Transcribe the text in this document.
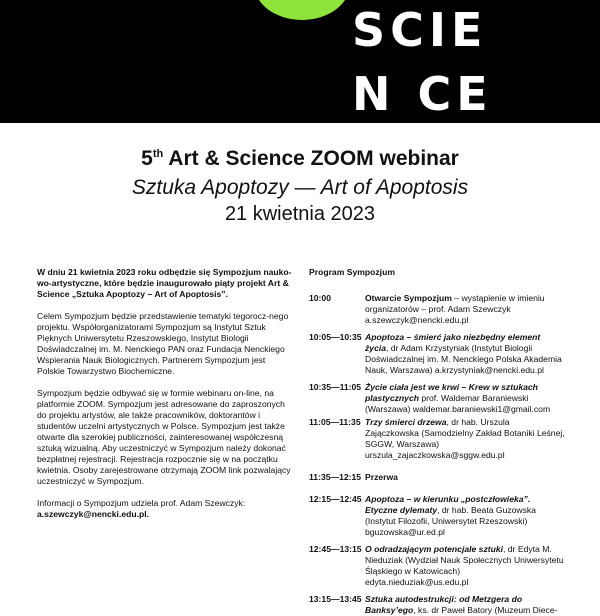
SCIE
N CE
5th Art & Science ZOOM webinar
Sztuka Apoptozy — Art of Apoptosis
21 kwietnia 2023

W dniu 21 kwietnia 2023 roku odbędzie się Sympozjum nauko-wo-artystyczne, które będzie inaugurowało piąty projekt Art & Science „Sztuka Apoptozy – Art of Apoptosis”.

Celem Sympozjum będzie przedstawienie tematyki tegorocz-nego projektu. Współorganizatorami Sympozjum są Instytut Sztuk Pięknych Uniwersytetu Rzeszowskiego, Instytut Biologii Doświadczalnej im. M. Nenckiego PAN oraz Fundacja Nenckiego Wspierania Nauk Biologicznych. Partnerem Sympozjum jest Polskie Towarzystwo Biochemiczne.

Sympozjum będzie odbywać się w formie webinaru on-line, na platformie ZOOM. Sympozjum jest adresowane do zaproszonych do projektu artystów, ale także pracowników, doktorantów i studentów uczelni artystycznych w Polsce. Sympozjum jest także otwarte dla szerokiej publiczności, zainteresowanej współczesną sztuką wizualną. Aby uczestniczyć w Sympozjum należy dokonać bezpłatnej rejestracji. Rejestracja rozpocznie się w na początku kwietnia. Osoby zarejestrowane otrzymają ZOOM link pozwalający uczestniczyć w Sympozjum.

Informacji o Sympozjum udziela prof. Adam Szewczyk:
a.szewczyk@nencki.edu.pl.

Program Sympozjum
10:00	Otwarcie Sympozjum – wystąpienie w imieniu organizatorów – prof. Adam Szewczyk a.szewczyk@nencki.edu.pl
10:05—10:35 Apoptoza – śmierć jako niezbędny element życia, dr Adam Krzystyniak (Instytut Biologii Doświadczalnej im. M. Nenckiego Polska Akademia Nauk, Warszawa) a.krzystyniak@nencki.edu.pl
10:35—11:05 Życie ciała jest we krwi – Krew w sztukach plastycznych prof. Waldemar Baraniewski (Warszawa) waldemar.baraniewski1@gmail.com
11:05—11:35 Trzy śmierci drzewa, dr hab. Urszula Zajączkowska (Samodzielny Zakład Botaniki Leśnej, SGGW, Warszawa) urszula_zajaczkowska@sggw.edu.pl
11:35—12:15 Przerwa
12:15—12:45 Apoptoza – w kierunku „postczłowieka”. Etyczne dylematy, dr hab. Beata Guzowska (Instytut Filozofii, Uniwersytet Rzeszowski) bguzowska@ur.ed.pl
12:45—13:15 O odradzającym potencjale sztuki, dr Edyta M. Nieduziak (Wydział Nauk Społecznych Uniwersytetu Śląskiego w Katowicach) edyta.nieduziak@us.edu.pl
13:15—13:45 Sztuka autodestrukcji: od Metzgera do Banksy’ego, ks. dr Paweł Batory (Muzeum Diece-
